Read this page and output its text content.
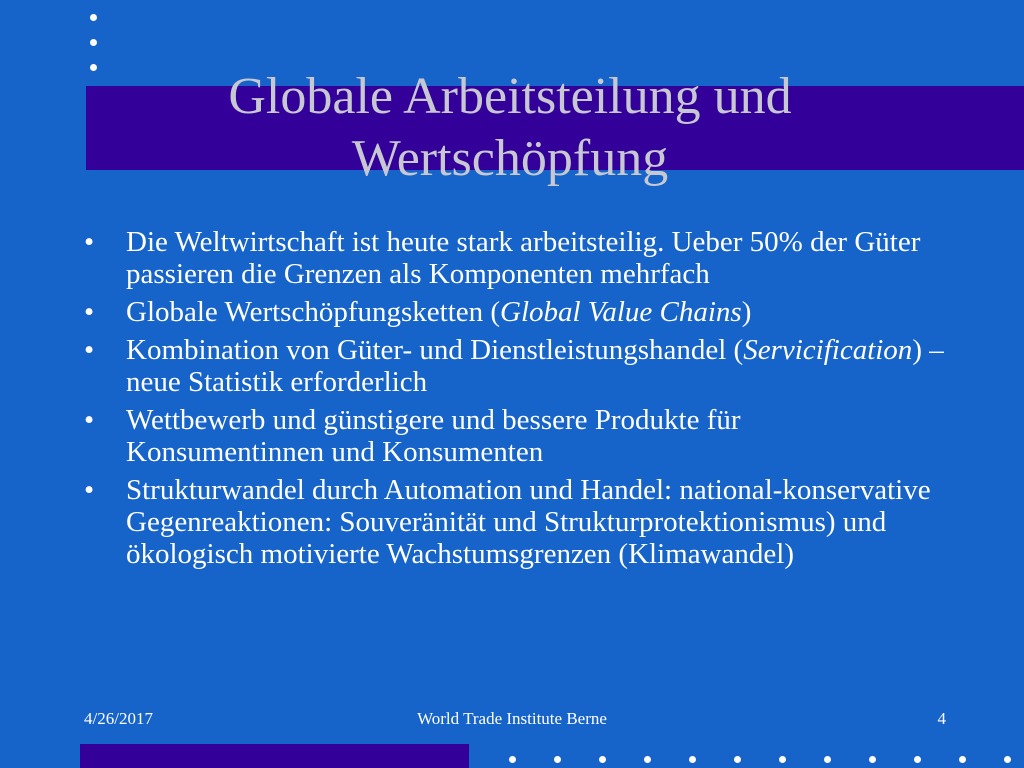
Globale Arbeitsteilung und
Wertschöpfung
•	Die Weltwirtschaft ist heute stark arbeitsteilig. Ueber 50% der Güter passieren die Grenzen als Komponenten mehrfach
•	Globale Wertschöpfungsketten (Global Value Chains)
•	Kombination von Güter- und Dienstleistungshandel (Servicification) – neue Statistik erforderlich
•	Wettbewerb und günstigere und bessere Produkte für Konsumentinnen und Konsumenten
•	Strukturwandel durch Automation und Handel: national-konservative Gegenreaktionen: Souveränität und Strukturprotektionismus) und ökologisch motivierte Wachstumsgrenzen (Klimawandel)
4/26/2017	World Trade Institute Berne	4
